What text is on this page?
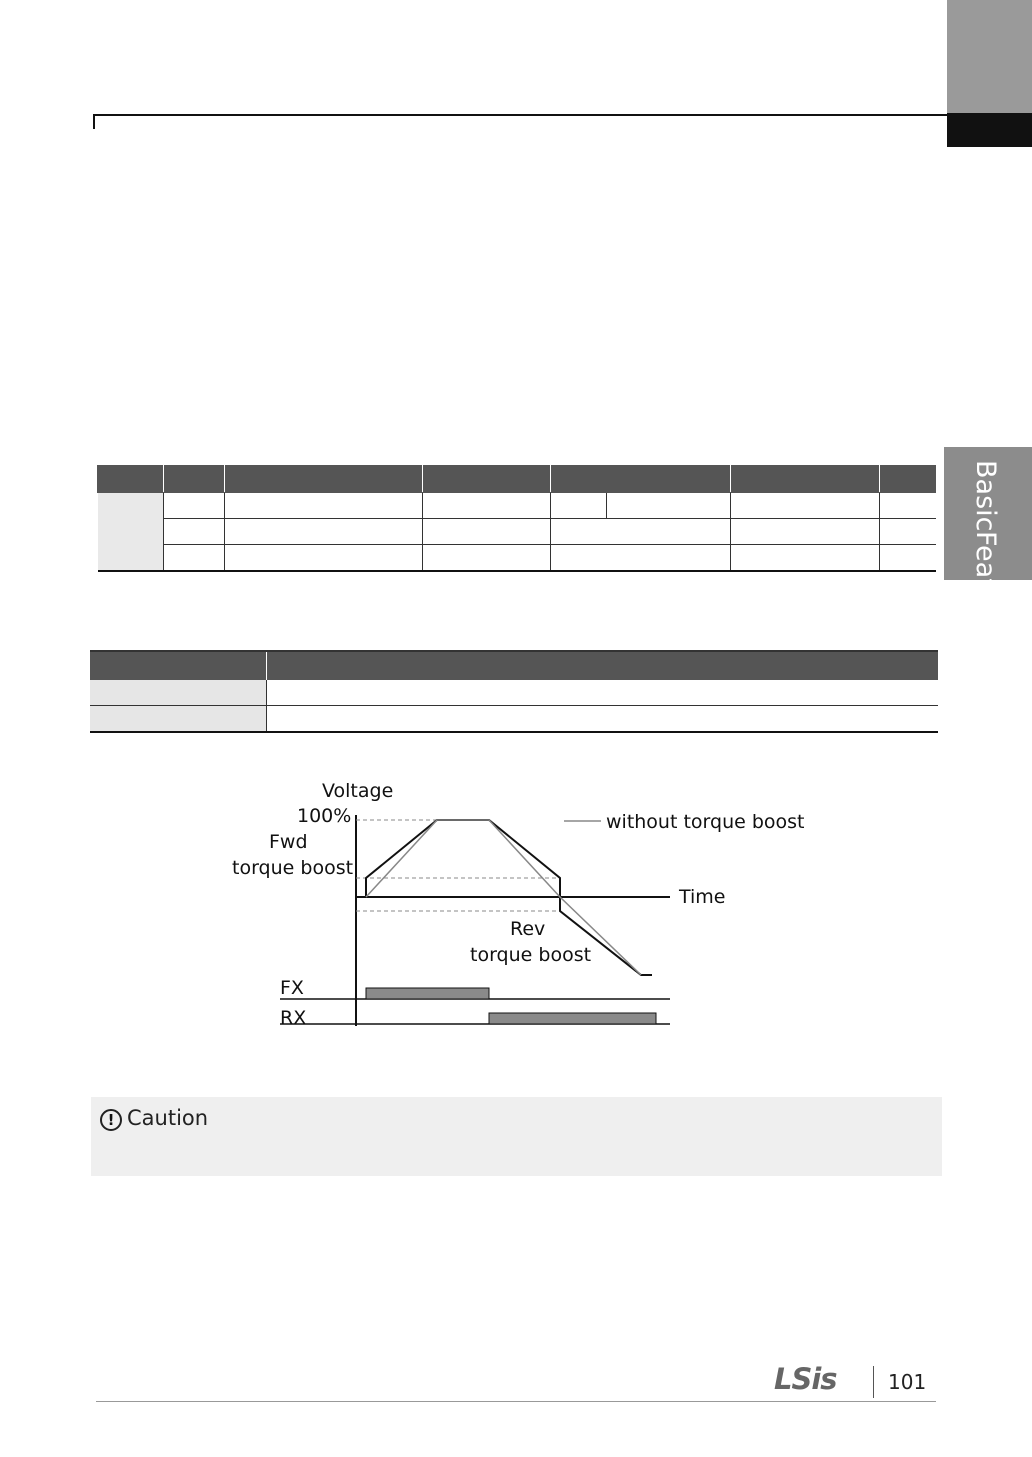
Basic
Features

Voltage
100%
Fwd
torque boost
without torque boost
Time
Rev
torque boost
FX
RX
! Caution
LSis	101
